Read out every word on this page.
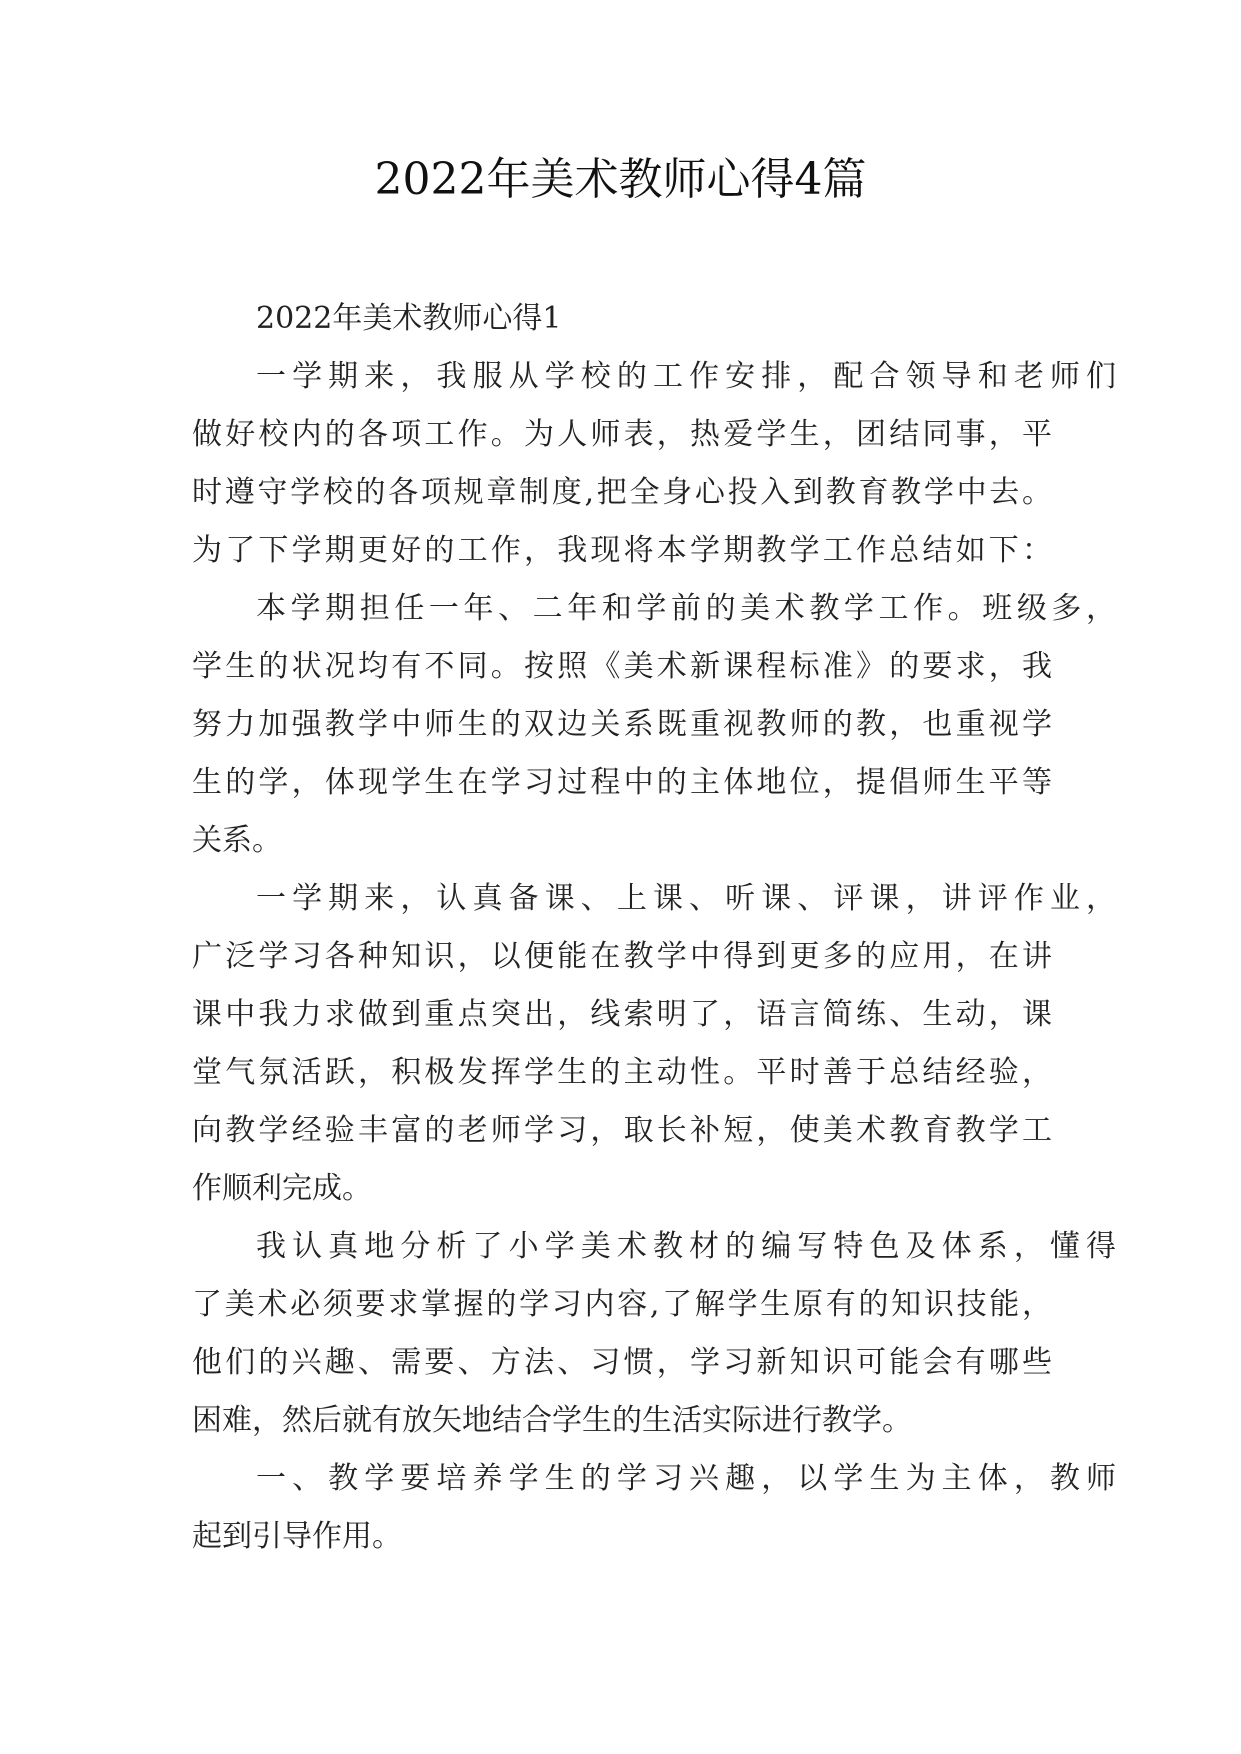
2022年美术教师心得4篇
2022年美术教师心得1
一学期来，我服从学校的工作安排，配合领导和老师们
做好校内的各项工作。为人师表，热爱学生，团结同事，平
时遵守学校的各项规章制度,把全身心投入到教育教学中去。
为了下学期更好的工作，我现将本学期教学工作总结如下：
本学期担任一年、二年和学前的美术教学工作。班级多，
学生的状况均有不同。按照《美术新课程标准》的要求，我
努力加强教学中师生的双边关系既重视教师的教，也重视学
生的学，体现学生在学习过程中的主体地位，提倡师生平等
关系。
一学期来，认真备课、上课、听课、评课，讲评作业，
广泛学习各种知识，以便能在教学中得到更多的应用，在讲
课中我力求做到重点突出，线索明了，语言简练、生动，课
堂气氛活跃，积极发挥学生的主动性。平时善于总结经验，
向教学经验丰富的老师学习，取长补短，使美术教育教学工
作顺利完成。
我认真地分析了小学美术教材的编写特色及体系，懂得
了美术必须要求掌握的学习内容,了解学生原有的知识技能，
他们的兴趣、需要、方法、习惯，学习新知识可能会有哪些
困难，然后就有放矢地结合学生的生活实际进行教学。
一、教学要培养学生的学习兴趣，以学生为主体，教师
起到引导作用。
